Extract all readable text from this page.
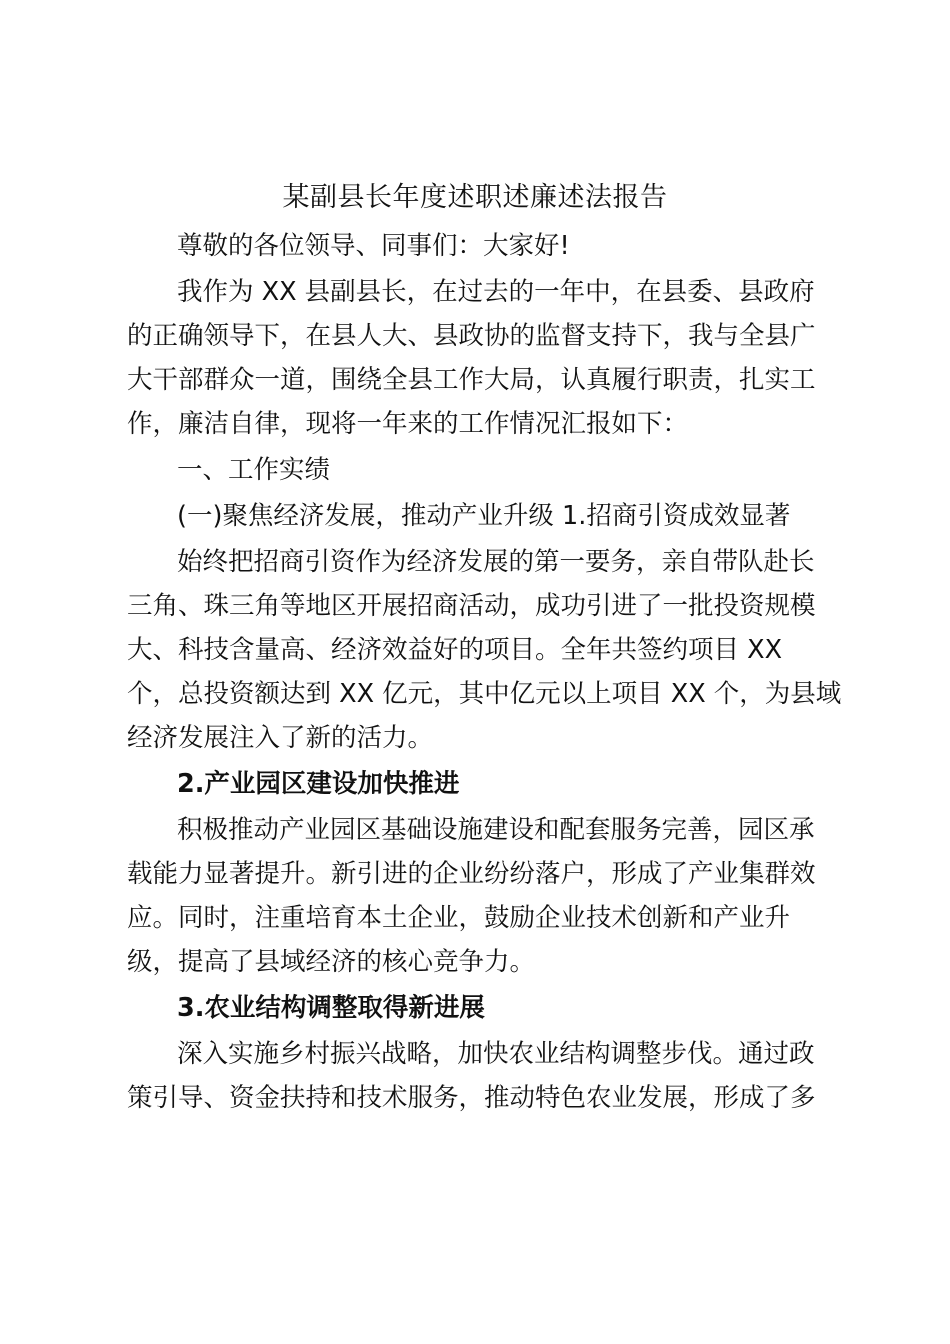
某副县长年度述职述廉述法报告

尊敬的各位领导、同事们：大家好!

我作为 XX 县副县长，在过去的一年中，在县委、县政府

的正确领导下，在县人大、县政协的监督支持下，我与全县广

大干部群众一道，围绕全县工作大局，认真履行职责，扎实工

作，廉洁自律，现将一年来的工作情况汇报如下：

一、工作实绩

(一)聚焦经济发展，推动产业升级 1.招商引资成效显著

始终把招商引资作为经济发展的第一要务，亲自带队赴长

三角、珠三角等地区开展招商活动，成功引进了一批投资规模

大、科技含量高、经济效益好的项目。全年共签约项目 XX

个，总投资额达到 XX 亿元，其中亿元以上项目 XX 个，为县域

经济发展注入了新的活力。

2.产业园区建设加快推进

积极推动产业园区基础设施建设和配套服务完善，园区承

载能力显著提升。新引进的企业纷纷落户，形成了产业集群效

应。同时，注重培育本土企业，鼓励企业技术创新和产业升

级，提高了县域经济的核心竞争力。

3.农业结构调整取得新进展

深入实施乡村振兴战略，加快农业结构调整步伐。通过政

策引导、资金扶持和技术服务，推动特色农业发展，形成了多
